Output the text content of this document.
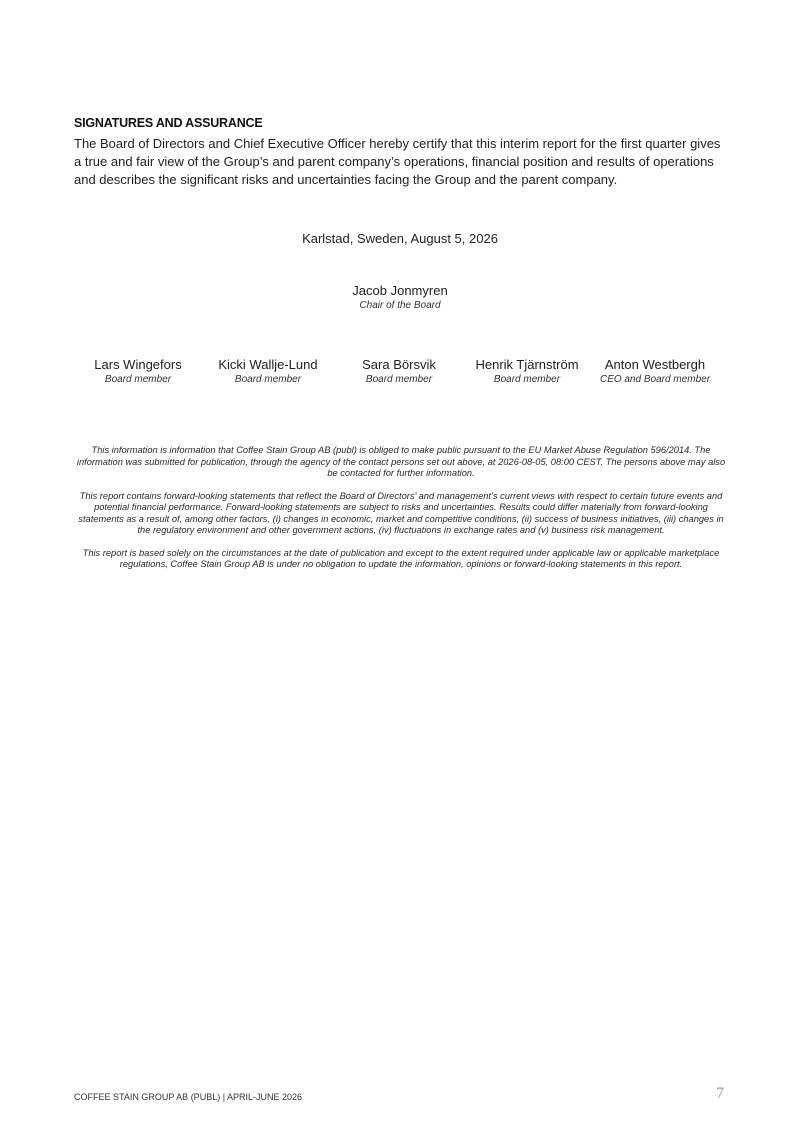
SIGNATURES AND ASSURANCE

The Board of Directors and Chief Executive Officer hereby certify that this interim report for the first quarter gives a true and fair view of the Group’s and parent company’s operations, financial position and results of operations and describes the significant risks and uncertainties facing the Group and the parent company.

Karlstad, Sweden, August 5, 2026
Jacob Jonmyren
Chair of the Board
Lars Wingefors
Board member
Kicki Wallje-Lund
Board member
Sara Börsvik
Board member
Henrik Tjärnström
Board member
Anton Westbergh
CEO and Board member

This information is information that Coffee Stain Group AB (publ) is obliged to make public pursuant to the EU Market Abuse Regulation 596/2014. The information was submitted for publication, through the agency of the contact persons set out above, at 2026-08-05, 08:00 CEST. The persons above may also be contacted for further information.

This report contains forward-looking statements that reflect the Board of Directors’ and management’s current views with respect to certain future events and potential financial performance. Forward-looking statements are subject to risks and uncertainties. Results could differ materially from forward-looking statements as a result of, among other factors, (i) changes in economic, market and competitive conditions, (ii) success of business initiatives, (iii) changes in the regulatory environment and other government actions, (iv) fluctuations in exchange rates and (v) business risk management.

This report is based solely on the circumstances at the date of publication and except to the extent required under applicable law or applicable marketplace regulations, Coffee Stain Group AB is under no obligation to update the information, opinions or forward-looking statements in this report.

COFFEE STAIN GROUP AB (PUBL) | APRIL-JUNE 2026	7
